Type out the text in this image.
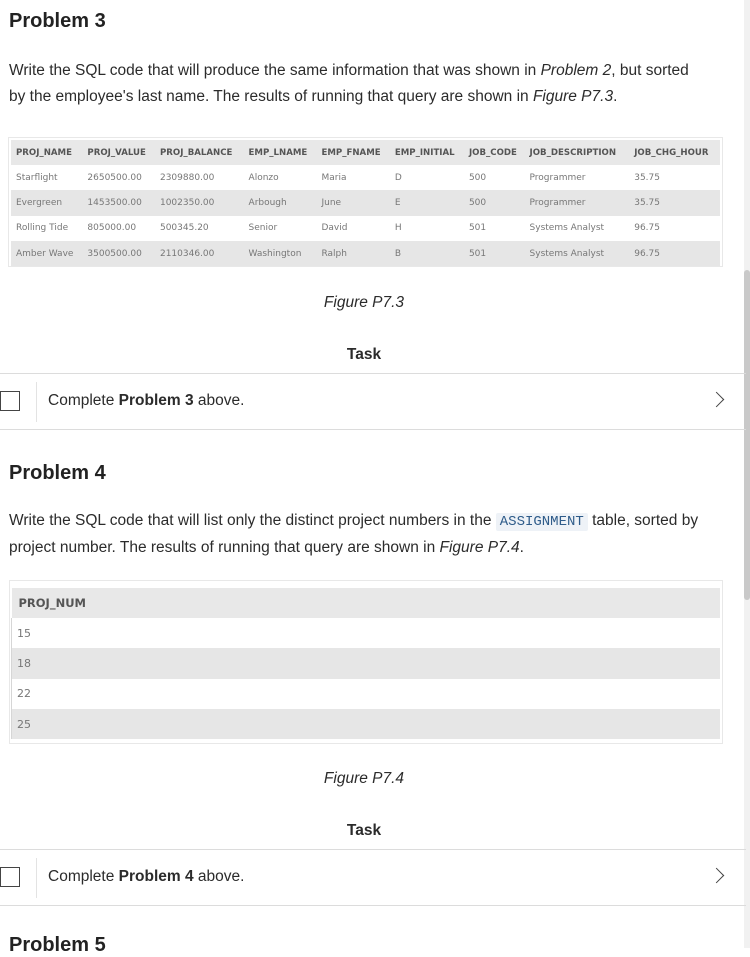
Problem 3

Write the SQL code that will produce the same information that was shown in Problem 2, but sorted by the employee's last name. The results of running that query are shown in Figure P7.3.

PROJ_NAME	PROJ_VALUE	PROJ_BALANCE	EMP_LNAME	EMP_FNAME	EMP_INITIAL	JOB_CODE	JOB_DESCRIPTION	JOB_CHG_HOUR
Starflight	2650500.00	2309880.00	Alonzo	Maria	D	500	Programmer	35.75
Evergreen	1453500.00	1002350.00	Arbough	June	E	500	Programmer	35.75
Rolling Tide	805000.00	500345.20	Senior	David	H	501	Systems Analyst	96.75
Amber Wave	3500500.00	2110346.00	Washington	Ralph	B	501	Systems Analyst	96.75

Figure P7.3

Task

Complete Problem 3 above.
Problem 4

Write the SQL code that will list only the distinct project numbers in the ASSIGNMENT table, sorted by project number. The results of running that query are shown in Figure P7.4.

PROJ_NUM
15
18
22
25

Figure P7.4

Task

Complete Problem 4 above.
Problem 5
